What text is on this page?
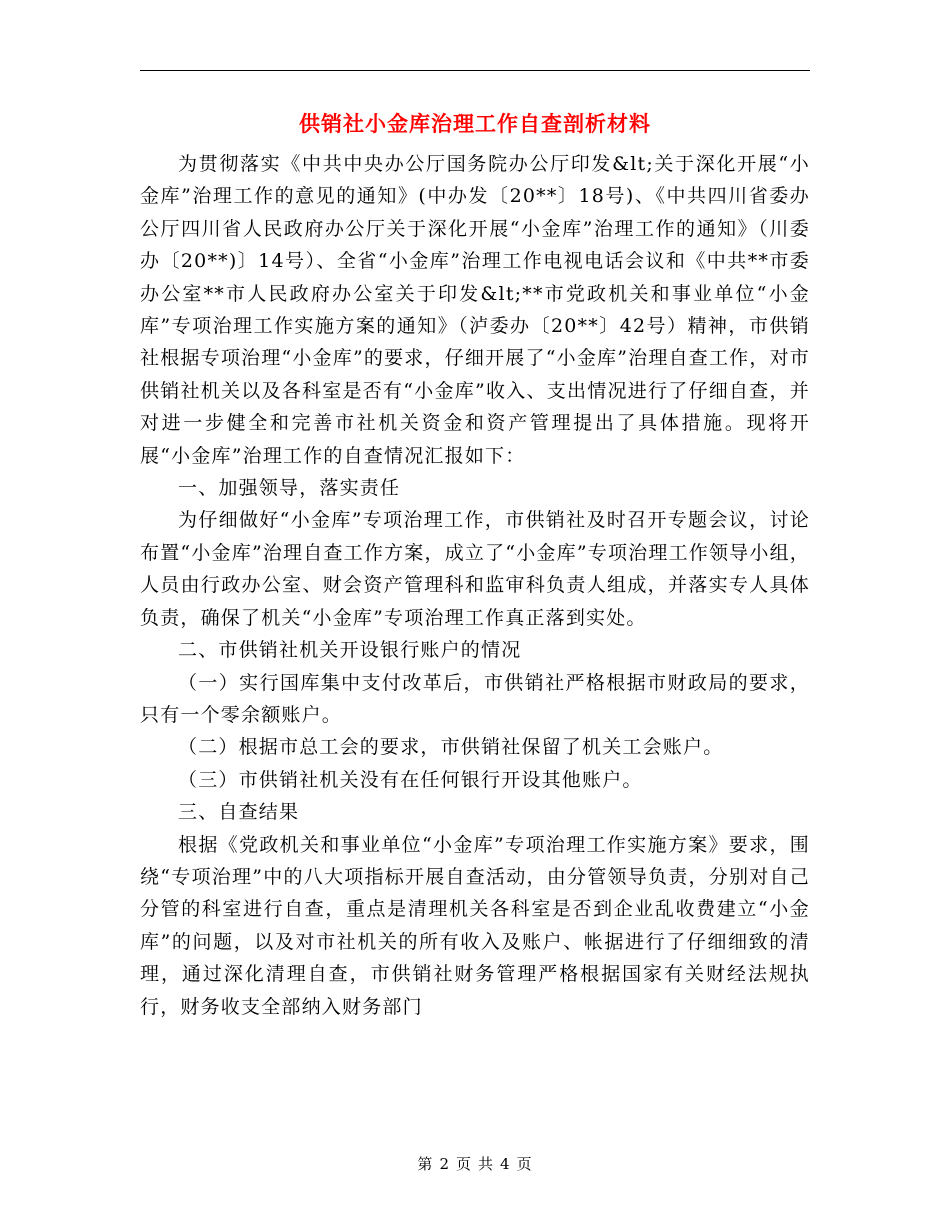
供销社小金库治理工作自查剖析材料

为贯彻落实《中共中央办公厅国务院办公厅印发&lt;关于深化开展“小金库”治理工作的意见的通知》(中办发〔20**〕18号)、《中共四川省委办公厅四川省人民政府办公厅关于深化开展“小金库”治理工作的通知》（川委办〔20**)〕14号）、全省“小金库”治理工作电视电话会议和《中共**市委办公室**市人民政府办公室关于印发&lt;**市党政机关和事业单位“小金库”专项治理工作实施方案的通知》（泸委办〔20**〕42号）精神，市供销社根据专项治理“小金库”的要求，仔细开展了“小金库”治理自查工作，对市供销社机关以及各科室是否有“小金库”收入、支出情况进行了仔细自查，并对进一步健全和完善市社机关资金和资产管理提出了具体措施。现将开展“小金库”治理工作的自查情况汇报如下：

一、加强领导，落实责任

为仔细做好“小金库”专项治理工作，市供销社及时召开专题会议，讨论布置“小金库”治理自查工作方案，成立了“小金库”专项治理工作领导小组，人员由行政办公室、财会资产管理科和监审科负责人组成，并落实专人具体负责，确保了机关“小金库”专项治理工作真正落到实处。

二、市供销社机关开设银行账户的情况

（一）实行国库集中支付改革后，市供销社严格根据市财政局的要求，只有一个零余额账户。

（二）根据市总工会的要求，市供销社保留了机关工会账户。

（三）市供销社机关没有在任何银行开设其他账户。

三、自查结果

根据《党政机关和事业单位“小金库”专项治理工作实施方案》要求，围绕“专项治理”中的八大项指标开展自查活动，由分管领导负责，分别对自己分管的科室进行自查，重点是清理机关各科室是否到企业乱收费建立“小金库”的问题，以及对市社机关的所有收入及账户、帐据进行了仔细细致的清理，通过深化清理自查，市供销社财务管理严格根据国家有关财经法规执行，财务收支全部纳入财务部门

第 2 页 共 4 页
